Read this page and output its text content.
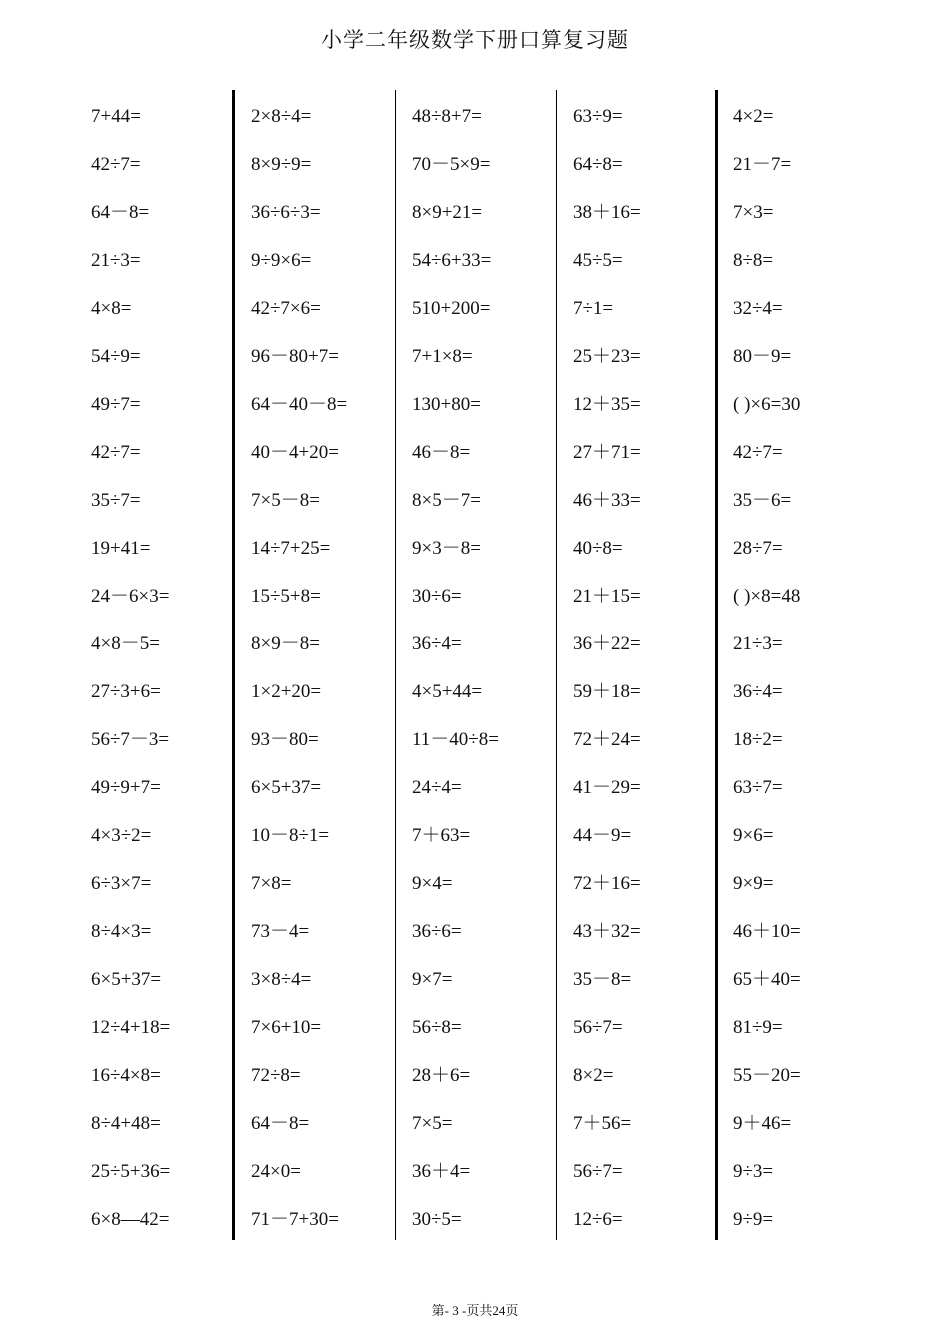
小学二年级数学下册口算复习题
7+44=
42÷7=
64－8=
21÷3=
4×8=
54÷9=
49÷7=
42÷7=
35÷7=
19+41=
24－6×3=
4×8－5=
27÷3+6=
56÷7－3=
49÷9+7=
4×3÷2=
6÷3×7=
8÷4×3=
6×5+37=
12÷4+18=
16÷4×8=
8÷4+48=
25÷5+36=
6×8—42=
2×8÷4=
8×9÷9=
36÷6÷3=
9÷9×6=
42÷7×6=
96－80+7=
64－40－8=
40－4+20=
7×5－8=
14÷7+25=
15÷5+8=
8×9－8=
1×2+20=
93－80=
6×5+37=
10－8÷1=
7×8=
73－4=
3×8÷4=
7×6+10=
72÷8=
64－8=
24×0=
71－7+30=
48÷8+7=
70－5×9=
8×9+21=
54÷6+33=
510+200=
7+1×8=
130+80=
46－8=
8×5－7=
9×3－8=
30÷6=
36÷4=
4×5+44=
11－40÷8=
24÷4=
7＋63=
9×4=
36÷6=
9×7=
56÷8=
28＋6=
7×5=
36＋4=
30÷5=
63÷9=
64÷8=
38＋16=
45÷5=
7÷1=
25＋23=
12＋35=
27＋71=
46＋33=
40÷8=
21＋15=
36＋22=
59＋18=
72＋24=
41－29=
44－9=
72＋16=
43＋32=
35－8=
56÷7=
8×2=
7＋56=
56÷7=
12÷6=
4×2=
21－7=
7×3=
8÷8=
32÷4=
80－9=
( )×6=30
42÷7=
35－6=
28÷7=
( )×8=48
21÷3=
36÷4=
18÷2=
63÷7=
9×6=
9×9=
46＋10=
65＋40=
81÷9=
55－20=
9＋46=
9÷3=
9÷9=
第- 3 -页共24页
